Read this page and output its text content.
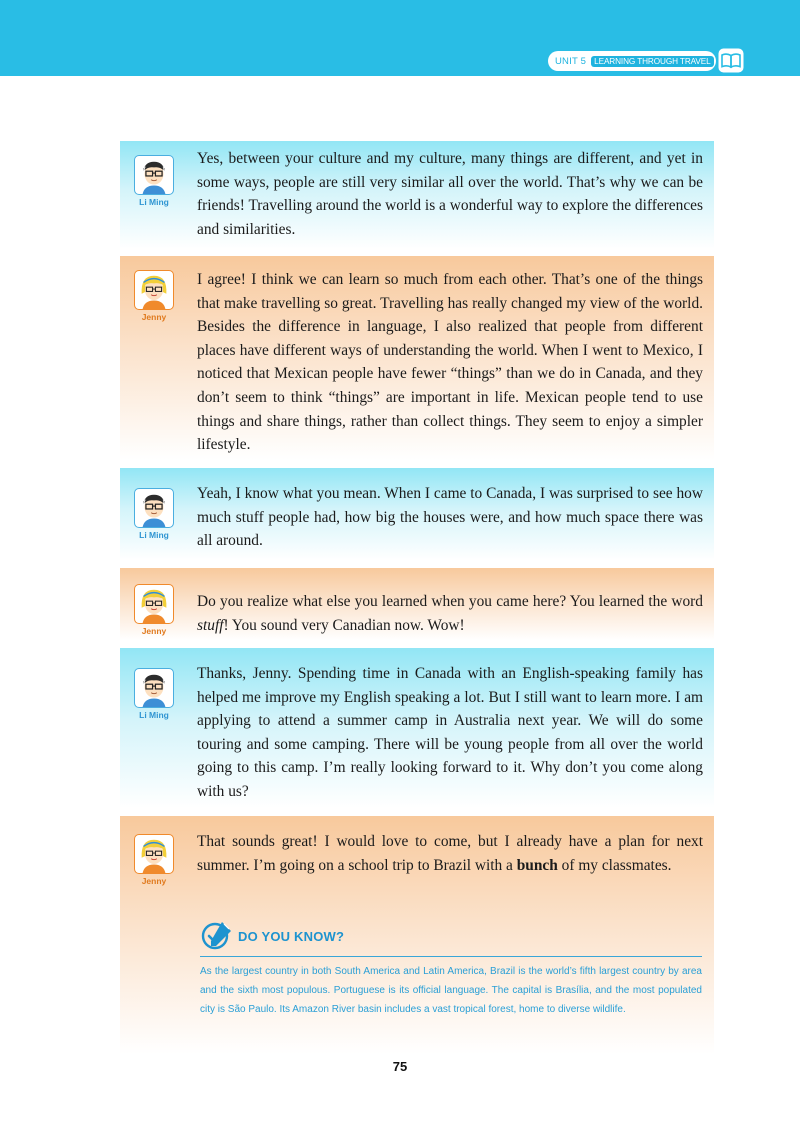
UNIT 5 LEARNING THROUGH TRAVEL
Li Ming
Yes, between your culture and my culture, many things are different, and yet in some ways, people are still very similar all over the world. That’s why we can be friends! Travelling around the world is a wonderful way to explore the differences and similarities.
Jenny
I agree! I think we can learn so much from each other. That’s one of the things that make travelling so great. Travelling has really changed my view of the world. Besides the difference in language, I also realized that people from different places have different ways of understanding the world. When I went to Mexico, I noticed that Mexican people have fewer “things” than we do in Canada, and they don’t seem to think “things” are important in life. Mexican people tend to use things and share things, rather than collect things. They seem to enjoy a simpler lifestyle.
Li Ming
Yeah, I know what you mean. When I came to Canada, I was surprised to see how much stuff people had, how big the houses were, and how much space there was all around.
Jenny
Do you realize what else you learned when you came here? You learned the word stuff! You sound very Canadian now. Wow!
Li Ming
Thanks, Jenny. Spending time in Canada with an English-speaking family has helped me improve my English speaking a lot. But I still want to learn more. I am applying to attend a summer camp in Australia next year. We will do some touring and some camping. There will be young people from all over the world going to this camp. I’m really looking forward to it. Why don’t you come along with us?
Jenny
That sounds great! I would love to come, but I already have a plan for next summer. I’m going on a school trip to Brazil with a bunch of my classmates.
DO YOU KNOW?
As the largest country in both South America and Latin America, Brazil is the world’s fifth largest country by area and the sixth most populous. Portuguese is its official language. The capital is Brasília, and the most populated city is São Paulo. Its Amazon River basin includes a vast tropical forest, home to diverse wildlife.
75
